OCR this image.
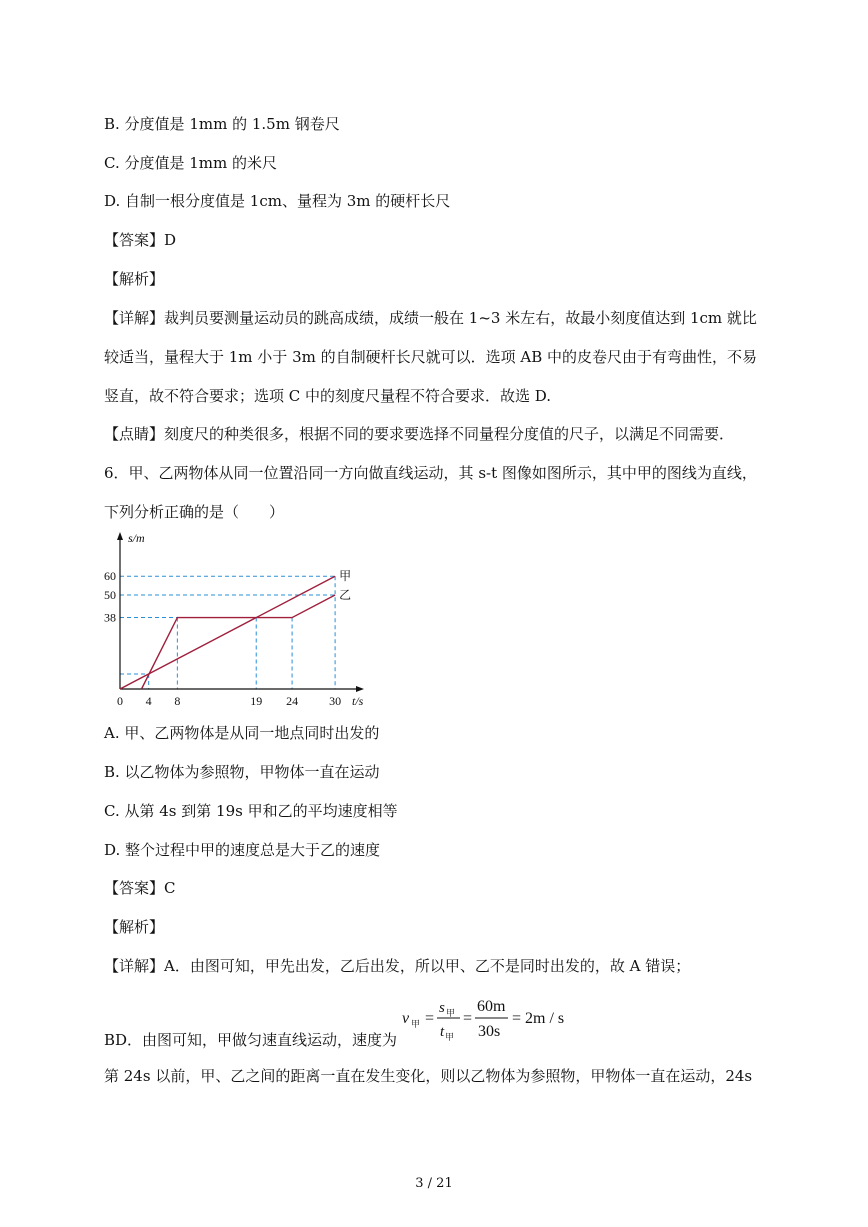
B. 分度值是 1mm 的 1.5m 钢卷尺
C. 分度值是 1mm 的米尺
D. 自制一根分度值是 1cm、量程为 3m 的硬杆长尺
【答案】D
【解析】
【详解】裁判员要测量运动员的跳高成绩，成绩一般在 1~3 米左右，故最小刻度值达到 1cm 就比
较适当，量程大于 1m 小于 3m 的自制硬杆长尺就可以．选项 AB 中的皮卷尺由于有弯曲性，不易
竖直，故不符合要求；选项 C 中的刻度尺量程不符合要求．故选 D.
【点睛】刻度尺的种类很多，根据不同的要求要选择不同量程分度值的尺子，以满足不同需要．
6．甲、乙两物体从同一位置沿同一方向做直线运动，其 s-t 图像如图所示，其中甲的图线为直线，
下列分析正确的是（　　）
0 4 8	19 24	30
60
50
38
s/m
t/s
甲
乙
A. 甲、乙两物体是从同一地点同时出发的
B. 以乙物体为参照物，甲物体一直在运动
C. 从第 4s 到第 19s 甲和乙的平均速度相等
D. 整个过程中甲的速度总是大于乙的速度
【答案】C
【解析】
【详解】A．由图可知，甲先出发，乙后出发，所以甲、乙不是同时出发的，故 A 错误；
v 甲 =
s 甲
t 甲
=
60m
30s
= 2m / s
BD．由图可知，甲做匀速直线运动，速度为
第 24s 以前，甲、乙之间的距离一直在发生变化，则以乙物体为参照物，甲物体一直在运动，24s
3 / 21
